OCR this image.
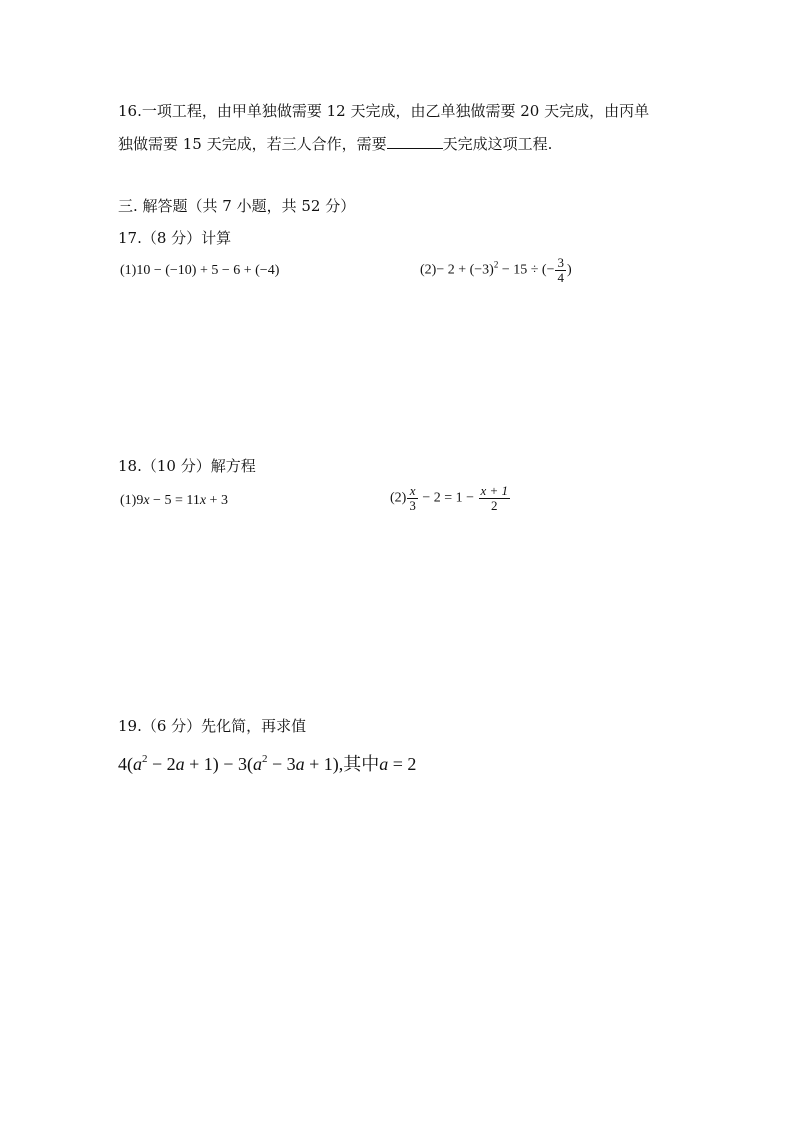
16.一项工程，由甲单独做需要 12 天完成，由乙单独做需要 20 天完成，由丙单
独做需要 15 天完成，若三人合作，需要	天完成这项工程.
三. 解答题（共 7 小题，共 52 分）
17.（8 分）计算
(1)10 − (−10) + 5 − 6 + (−4)	$(2)- 2 + (-3)^2 - 15$ ÷ (− $\frac{3}{4}$ )
18.（10 分）解方程
(1)9x − 5 = 11x + 3	$(2) \frac{x}{3} - 2 = 1 - \frac{x + 1}{2}$
19.（6 分）先化简，再求值
$4(a^2 - 2a + 1) - 3(a^2 - 3a + 1)$,其中a = 2
